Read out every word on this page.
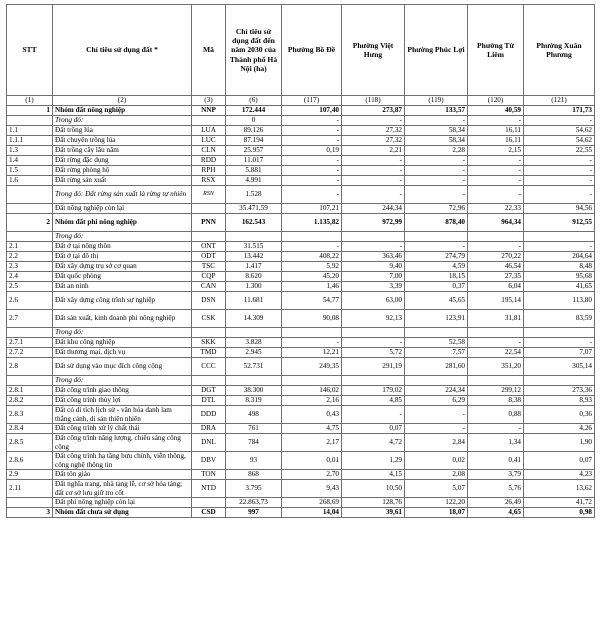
STT	Chỉ tiêu sử dụng đất *	Mã	Chỉ tiêu sử dụng đất đến năm 2030 của Thành phố Hà Nội (ha)	Phường Bồ Đề	Phường Việt Hưng	Phường Phúc Lợi	Phường Từ Liêm	Phường Xuân Phương
(1)	(2)	(3)	(6)	(117)	(118)	(119)	(120)	(121)
1	Nhóm đất nông nghiệp	NNP	172.444	107,40	273,87	133,57	40,59	171,73
	Trong đó:		0	-	-	-	-	-
1.1	Đất trồng lúa	LUA	89.126	-	27,32	58,34	16,11	54,62
1.1.1	Đất chuyên trồng lúa	LUC	87.194	-	27,32	58,34	16,11	54,62
1.3	Đất trồng cây lâu năm	CLN	25.957	0,19	2,21	2,28	2,15	22,55
1.4	Đất rừng đặc dụng	RDD	11.017	-	-	-	-	-
1.5	Đất rừng phòng hộ	RPH	5.881	-	-	-	-	-
1.6	Đất rừng sản xuất	RSX	4.991	-	-	-	-	-
	Trong đó: Đất rừng sản xuất là rừng tự nhiên	RSN	1.528	-	-	-	-	-
	Đất nông nghiệp còn lại		35.471,59	107,21	244,34	72,96	22,33	94,56
2	Nhóm đất phi nông nghiệp	PNN	162.543	1.135,82	972,99	878,40	964,34	912,55
	Trong đó:							
2.1	Đất ở tại nông thôn	ONT	31.515	-	-	-	-	-
2.2	Đất ở tại đô thị	ODT	13.442	408,22	363,46	274,79	270,22	204,64
2.3	Đất xây dựng trụ sở cơ quan	TSC	1.417	5,92	9,40	4,59	46,54	8,48
2.4	Đất quốc phòng	CQP	8.620	45,20	7,00	18,15	27,35	95,68
2.5	Đất an ninh	CAN	1.300	1,46	3,39	0,37	6,04	41,65
2.6	Đất xây dựng công trình sự nghiệp	DSN	11.681	54,77	63,00	45,65	195,14	113,80
2.7	Đất sản xuất, kinh doanh phi nông nghiệp	CSK	14.309	90,08	92,13	123,91	31,81	83,59
	Trong đó:							
2.7.1	Đất khu công nghiệp	SKK	3.828	-	-	52,58	-	-
2.7.2	Đất thương mại, dịch vụ	TMD	2.945	12,21	5,72	7,57	22,54	7,07
2.8	Đất sử dụng vào mục đích công cộng	CCC	52.731	249,35	291,19	281,60	351,20	305,14
	Trong đó:							
2.8.1	Đất công trình giao thông	DGT	38.300	146,02	179,02	224,34	299,12	273,36
2.8.2	Đất công trình thủy lợi	DTL	8.319	2,16	4,85	6,29	8,38	8,93
2.8.3	Đất có di tích lịch sử - văn hóa danh lam thắng cảnh, di sản thiên nhiên	DDD	498	0,43	-	-	0,88	0,36
2.8.4	Đất công trình xử lý chất thải	DRA	761	4,75	0,07	-	-	4,26
2.8.5	Đất công trình năng lượng, chiếu sáng công cộng	DNL	784	2,17	4,72	2,84	1,34	1,90
2.8.6	Đất công trình hạ tầng bưu chính, viễn thông, công nghệ thông tin	DBV	93	0,01	1,29	0,02	0,41	0,07
2.9	Đất tôn giáo	TON	868	2,70	4,15	2,08	3,79	4,23
2.11	Đất nghĩa trang, nhà tang lễ, cơ sở hỏa táng; đất cơ sở lưu giữ tro cốt	NTD	3.795	9,43	10,50	5,07	5,76	13,62
	Đất phi nông nghiệp còn lại		22.863,73	268,69	128,76	122,20	26,49	41,72
3	Nhóm đất chưa sử dụng	CSD	997	14,04	39,61	18,07	4,65	0,98
